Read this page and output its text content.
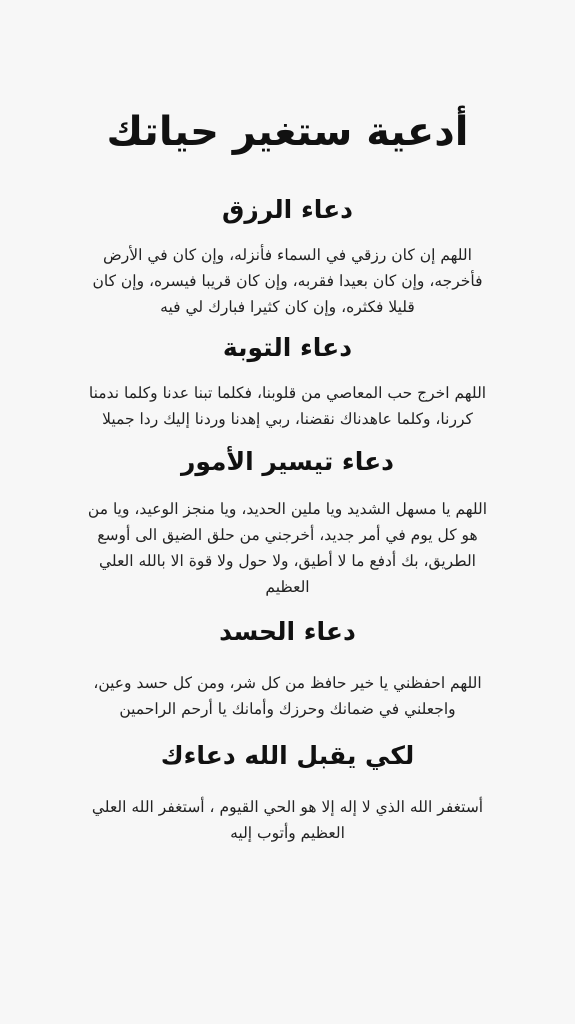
أدعية ستغير حياتك
دعاء الرزق

اللهم إن كان رزقي في السماء فأنزله، وإن كان في الأرض فأخرجه، وإن كان بعيدا فقربه، وإن كان قريبا فيسره، وإن كان قليلا فكثره، وإن كان كثيرا فبارك لي فيه

دعاء التوبة

اللهم اخرج حب المعاصي من قلوبنا، فكلما تبنا عدنا وكلما ندمنا كررنا، وكلما عاهدناك نقضنا، ربي إهدنا وردنا إليك ردا جميلا

دعاء تيسير الأمور

اللهم يا مسهل الشديد ويا ملين الحديد، ويا منجز الوعيد، ويا من هو كل يوم في أمر جديد، أخرجني من حلق الضيق الى أوسع الطريق، بك أدفع ما لا أطيق، ولا حول ولا قوة الا بالله العلي العظيم

دعاء الحسد

اللهم احفظني يا خير حافظ من كل شر، ومن كل حسد وعين، واجعلني في ضمانك وحرزك وأمانك يا أرحم الراحمين

لكي يقبل الله دعاءك

أستغفر الله الذي لا إله إلا هو الحي القيوم ، أستغفر الله العلي العظيم وأتوب إليه
